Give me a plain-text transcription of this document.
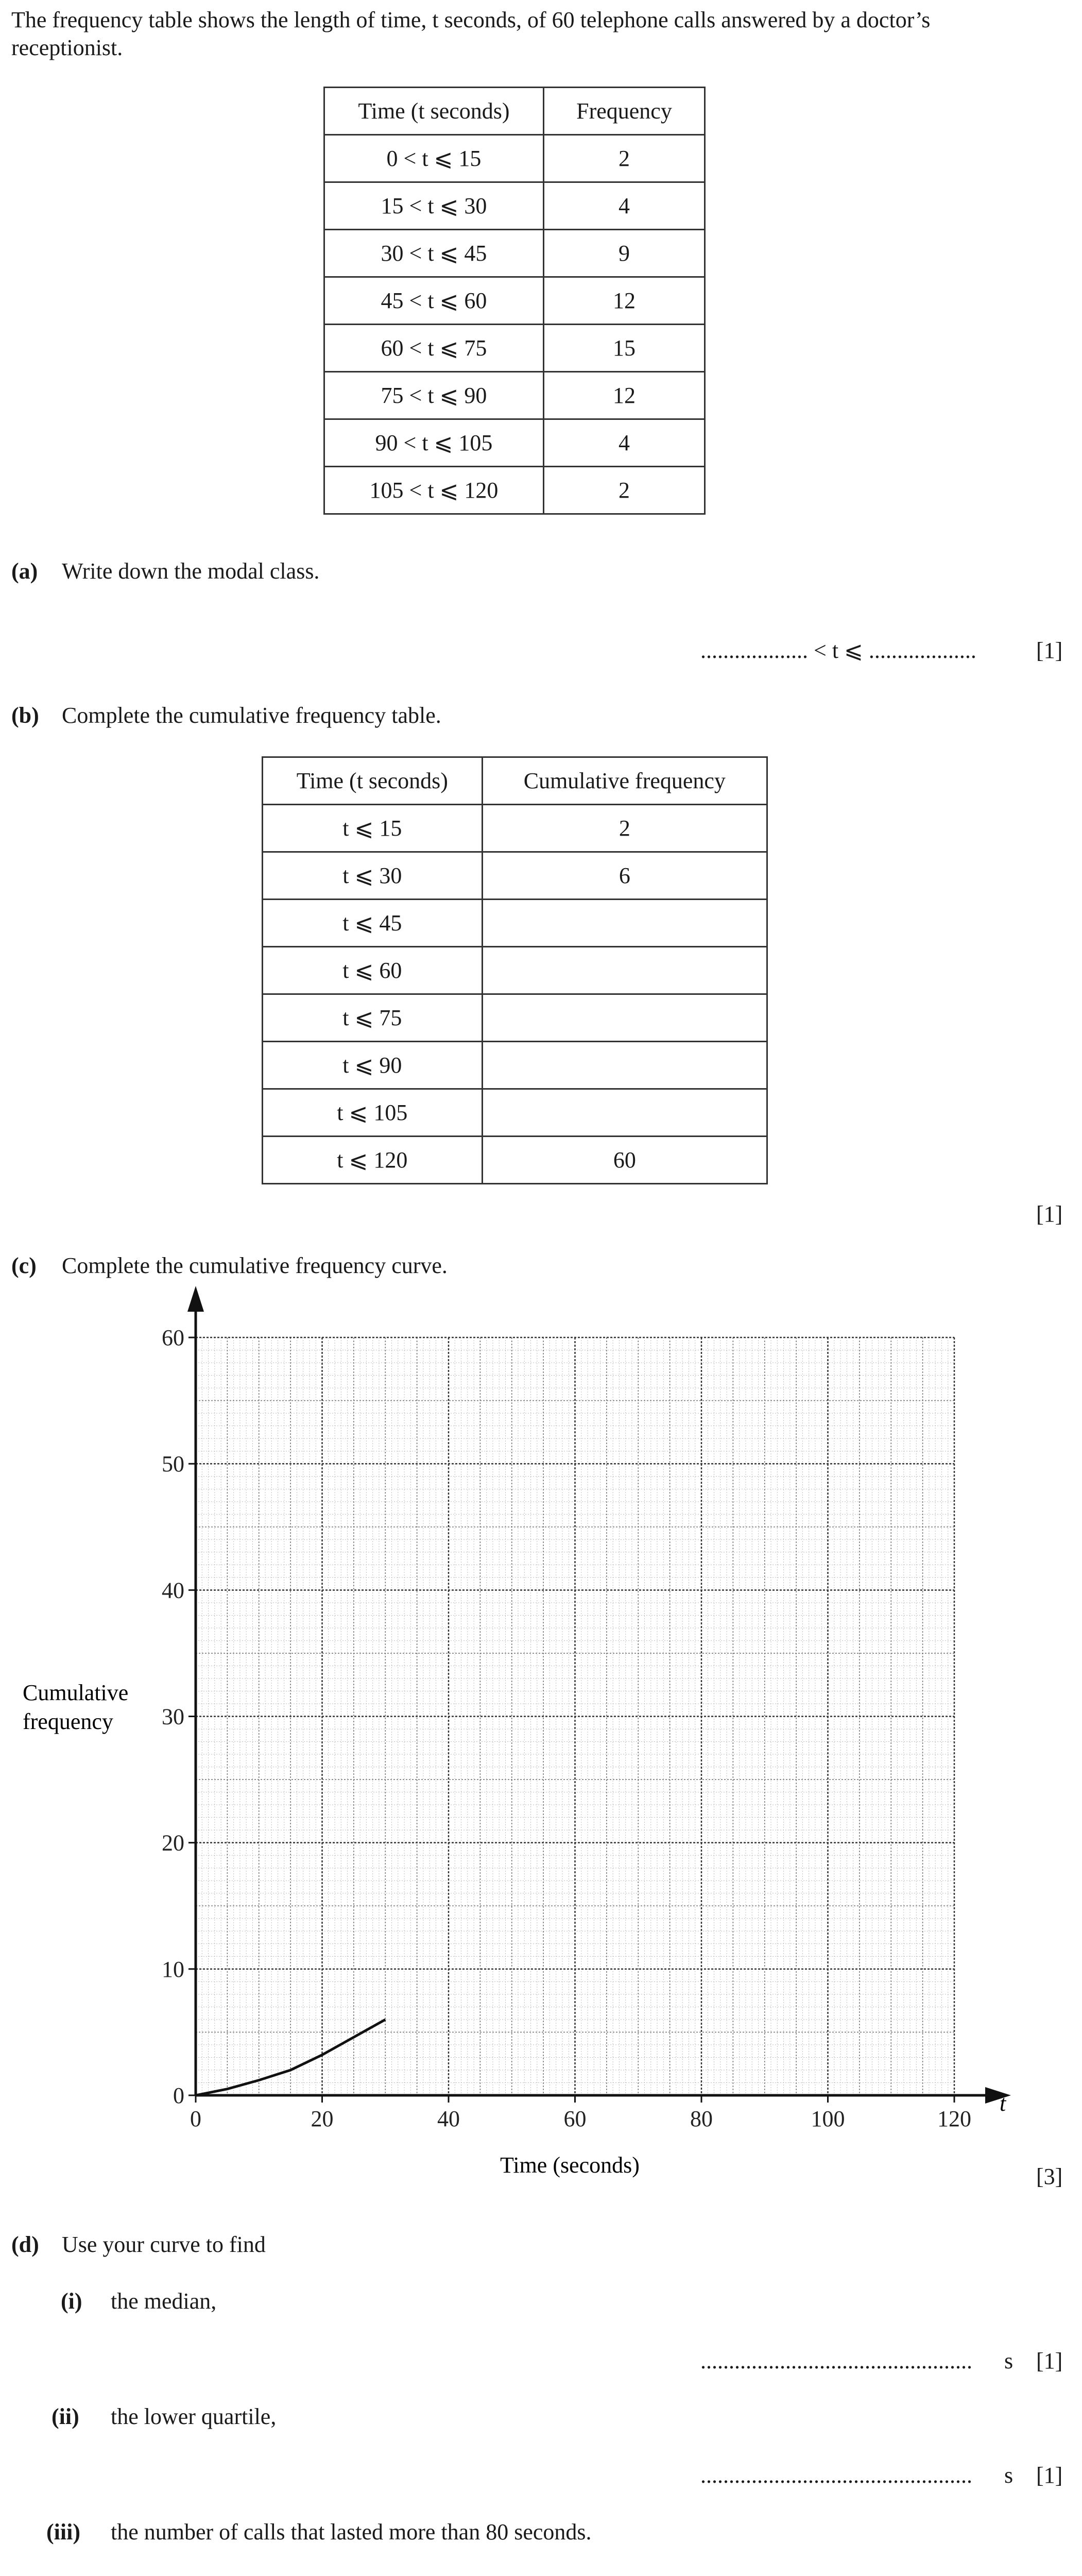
The frequency table shows the length of time, t seconds, of 60 telephone calls answered by a doctor’s
receptionist.
Time (t seconds)	Frequency
0 < t ⩽ 15	2
15 < t ⩽ 30	4
30 < t ⩽ 45	9
45 < t ⩽ 60	12
60 < t ⩽ 75	15
75 < t ⩽ 90	12
90 < t ⩽ 105	4
105 < t ⩽ 120	2
(a) Write down the modal class.
................... < t ⩽ ...................	[1]
(b) Complete the cumulative frequency table.
Time (t seconds)	Cumulative frequency
t ⩽ 15	2
t ⩽ 30	6
t ⩽ 45	
t ⩽ 60	
t ⩽ 75	
t ⩽ 90	
t ⩽ 105	
t ⩽ 120	60
[1]
(c) Complete the cumulative frequency curve.
0
10
20
30
40
50
60
0	20	40	60	80	100	120
Cumulative
frequency
Time (seconds)
t
[3]
(d) Use your curve to find
(i) the median,
................................................ s [1]
(ii) the lower quartile,
................................................ s [1]
(iii) the number of calls that lasted more than 80 seconds.
